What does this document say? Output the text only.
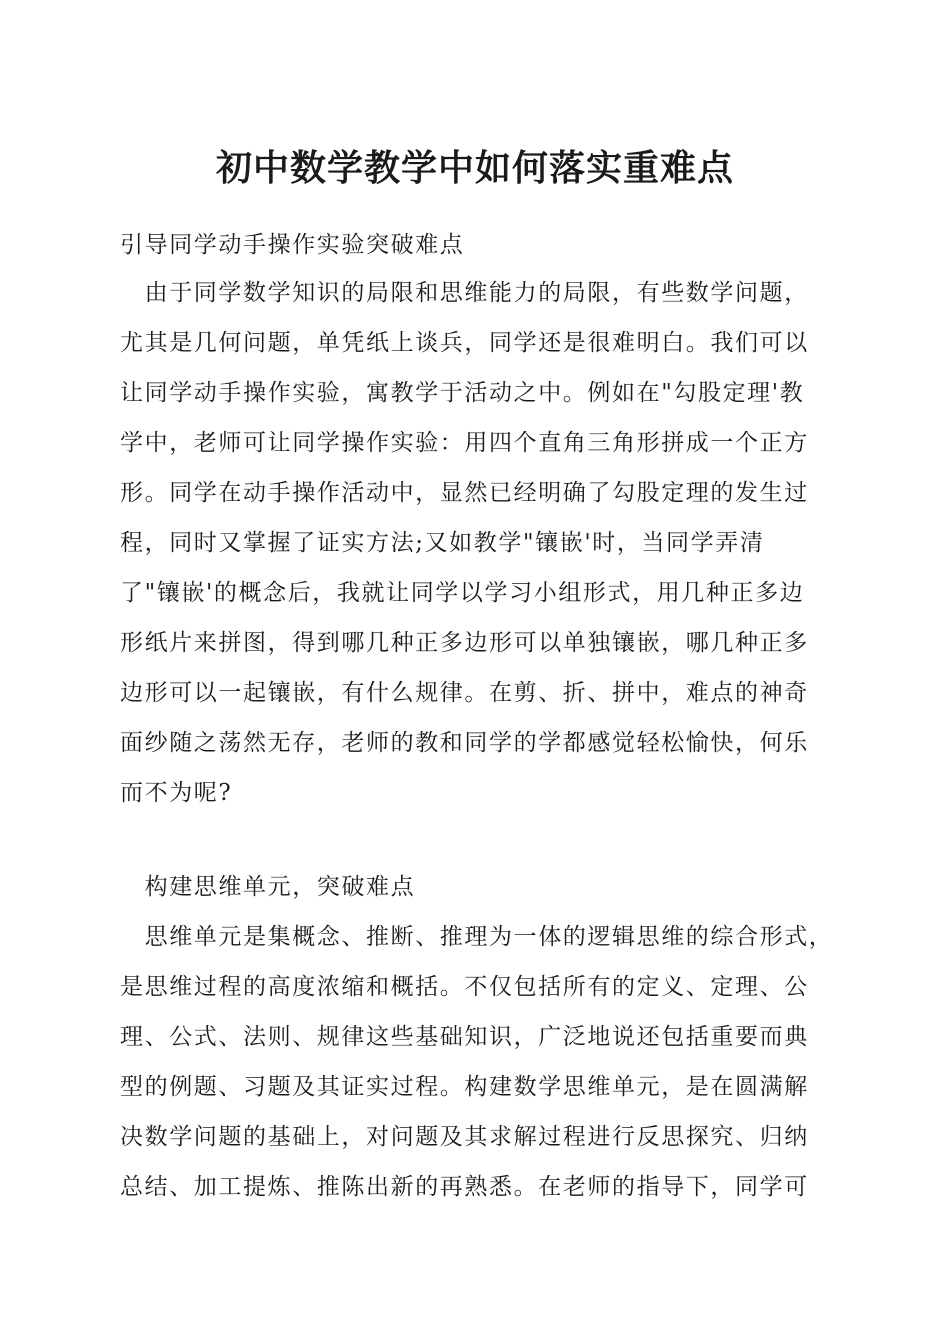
初中数学教学中如何落实重难点
引导同学动手操作实验突破难点
　由于同学数学知识的局限和思维能力的局限，有些数学问题，
尤其是几何问题，单凭纸上谈兵，同学还是很难明白。我们可以
让同学动手操作实验，寓教学于活动之中。例如在"勾股定理'教
学中，老师可让同学操作实验：用四个直角三角形拼成一个正方
形。同学在动手操作活动中，显然已经明确了勾股定理的发生过
程，同时又掌握了证实方法;又如教学"镶嵌'时，当同学弄清
了"镶嵌'的概念后，我就让同学以学习小组形式，用几种正多边
形纸片来拼图，得到哪几种正多边形可以单独镶嵌，哪几种正多
边形可以一起镶嵌，有什么规律。在剪、折、拼中，难点的神奇
面纱随之荡然无存，老师的教和同学的学都感觉轻松愉快，何乐
而不为呢?
　构建思维单元，突破难点
　思维单元是集概念、推断、推理为一体的逻辑思维的综合形式，
是思维过程的高度浓缩和概括。不仅包括所有的定义、定理、公
理、公式、法则、规律这些基础知识，广泛地说还包括重要而典
型的例题、习题及其证实过程。构建数学思维单元，是在圆满解
决数学问题的基础上，对问题及其求解过程进行反思探究、归纳
总结、加工提炼、推陈出新的再熟悉。在老师的指导下，同学可
